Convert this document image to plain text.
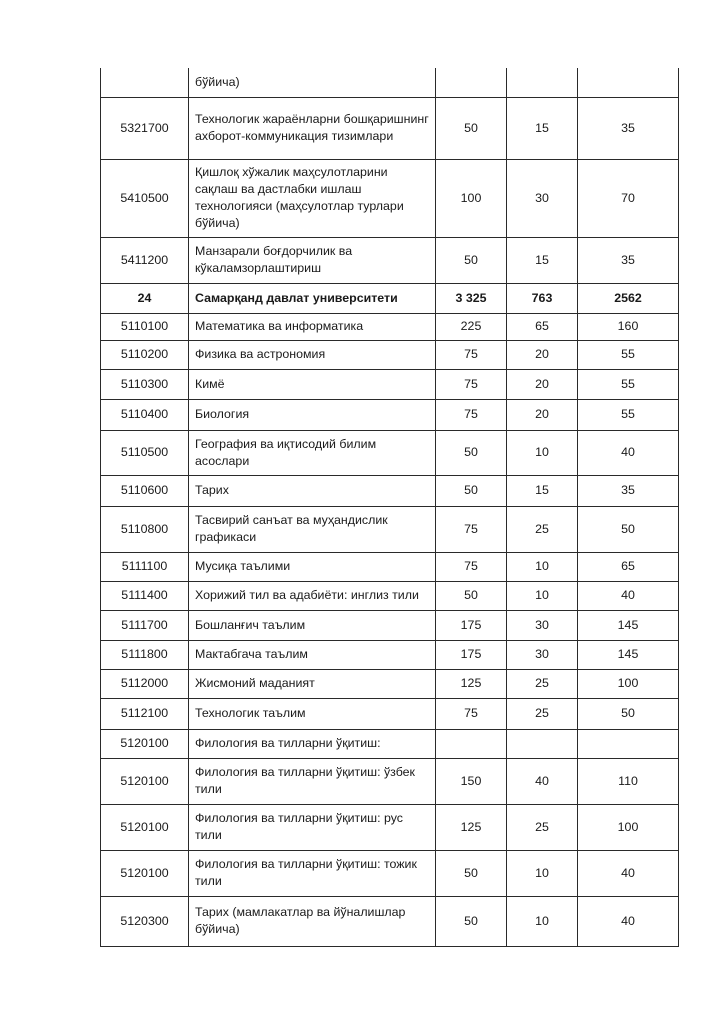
	бўйича)			
5321700	Технологик жараёнларни бошқаришнинг ахборот-коммуникация тизимлари	50	15	35
5410500	Қишлоқ хўжалик маҳсулотларини сақлаш ва дастлабки ишлаш технологияси (маҳсулотлар турлари бўйича)	100	30	70
5411200	Манзарали боғдорчилик ва кўкаламзорлаштириш	50	15	35
24	Самарқанд давлат университети	3 325	763	2562
5110100	Математика ва информатика	225	65	160
5110200	Физика ва астрономия	75	20	55
5110300	Кимё	75	20	55
5110400	Биология	75	20	55
5110500	География ва иқтисодий билим асослари	50	10	40
5110600	Тарих	50	15	35
5110800	Тасвирий санъат ва муҳандислик графикаси	75	25	50
5111100	Мусиқа таълими	75	10	65
5111400	Хорижий тил ва адабиёти: инглиз тили	50	10	40
5111700	Бошланғич таълим	175	30	145
5111800	Мактабгача таълим	175	30	145
5112000	Жисмоний маданият	125	25	100
5112100	Технологик таълим	75	25	50
5120100	Филология ва тилларни ўқитиш:			
5120100	Филология ва тилларни ўқитиш: ўзбек тили	150	40	110
5120100	Филология ва тилларни ўқитиш: рус тили	125	25	100
5120100	Филология ва тилларни ўқитиш: тожик тили	50	10	40
5120300	Тарих (мамлакатлар ва йўналишлар бўйича)	50	10	40
